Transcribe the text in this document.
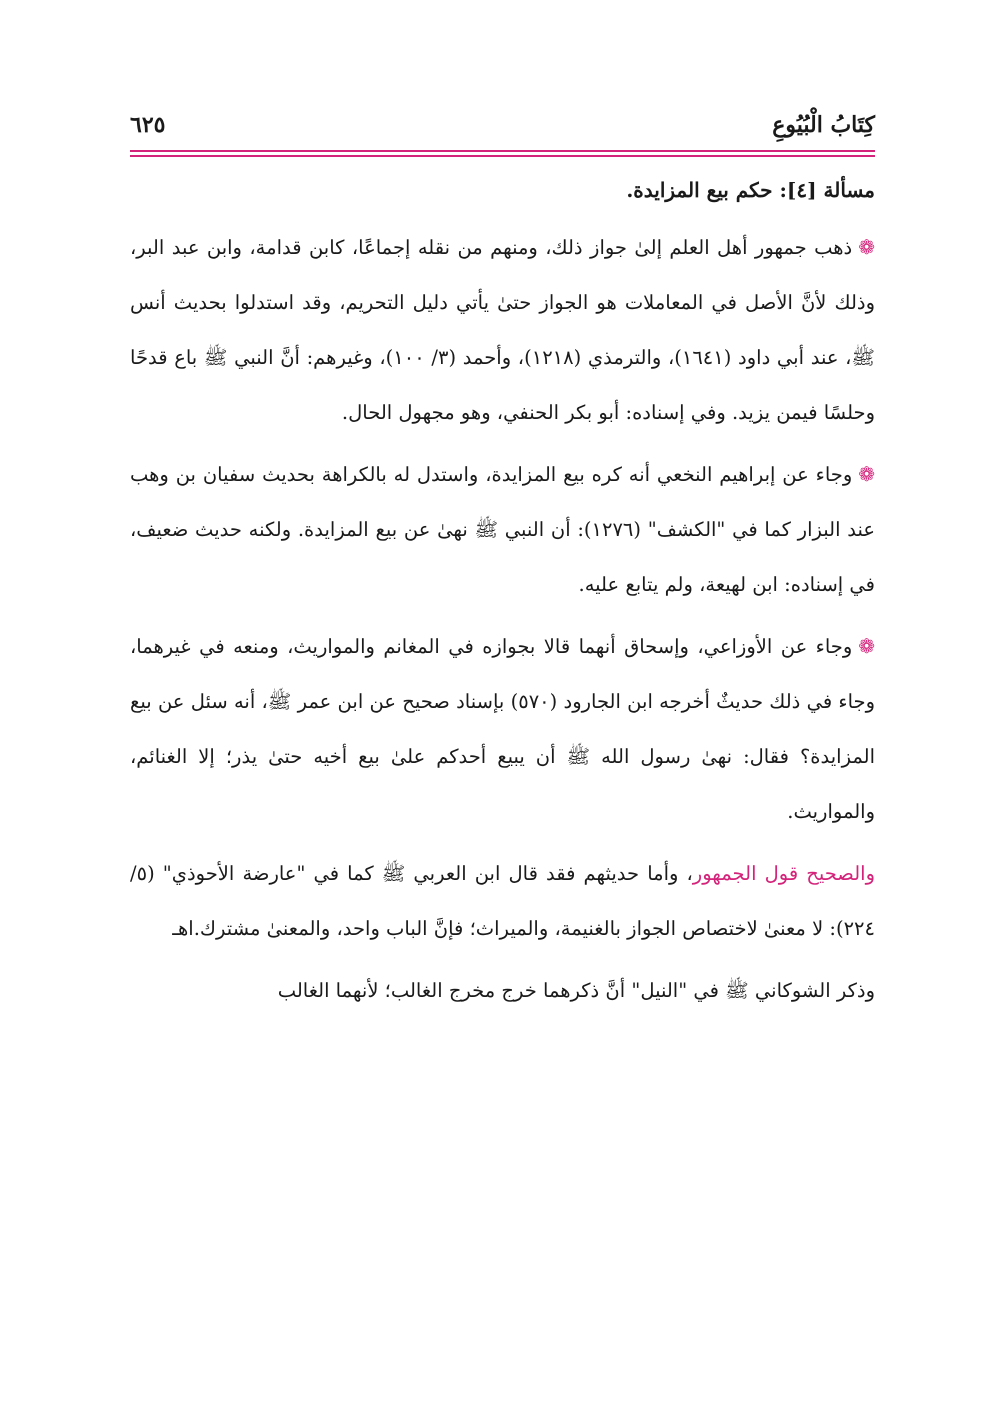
كِتَابُ الْبُيُوعِ
٦٢٥
مسألة [٤]: حكم بيع المزايدة.

❁ذهب جمهور أهل العلم إلىٰ جواز ذلك، ومنهم من نقله إجماعًا، كابن قدامة، وابن عبد البر، وذلك لأنَّ الأصل في المعاملات هو الجواز حتىٰ يأتي دليل التحريم، وقد استدلوا بحديث أنس ﷺ، عند أبي داود (١٦٤١)، والترمذي (١٢١٨)، وأحمد (٣/ ١٠٠)، وغيرهم: أنَّ النبي ﷺ باع قدحًا وحلسًا فيمن يزيد. وفي إسناده: أبو بكر الحنفي، وهو مجهول الحال.

❁وجاء عن إبراهيم النخعي أنه كره بيع المزايدة، واستدل له بالكراهة بحديث سفيان بن وهب عند البزار كما في "الكشف" (١٢٧٦): أن النبي ﷺ نهىٰ عن بيع المزايدة. ولكنه حديث ضعيف، في إسناده: ابن لهيعة، ولم يتابع عليه.

❁وجاء عن الأوزاعي، وإسحاق أنهما قالا بجوازه في المغانم والمواريث، ومنعه في غيرهما، وجاء في ذلك حديثٌ أخرجه ابن الجارود (٥٧٠) بإسناد صحيح عن ابن عمر ﷺ، أنه سئل عن بيع المزايدة؟ فقال: نهىٰ رسول الله ﷺ أن يبيع أحدكم علىٰ بيع أخيه حتىٰ يذر؛ إلا الغنائم، والمواريث.

والصحيح قول الجمهور، وأما حديثهم فقد قال ابن العربي ﷺ كما في "عارضة الأحوذي" (٥/ ٢٢٤): لا معنىٰ لاختصاص الجواز بالغنيمة، والميراث؛ فإنَّ الباب واحد، والمعنىٰ مشترك.اهـ

وذكر الشوكاني ﷺ في "النيل" أنَّ ذكرهما خرج مخرج الغالب؛ لأنهما الغالب
